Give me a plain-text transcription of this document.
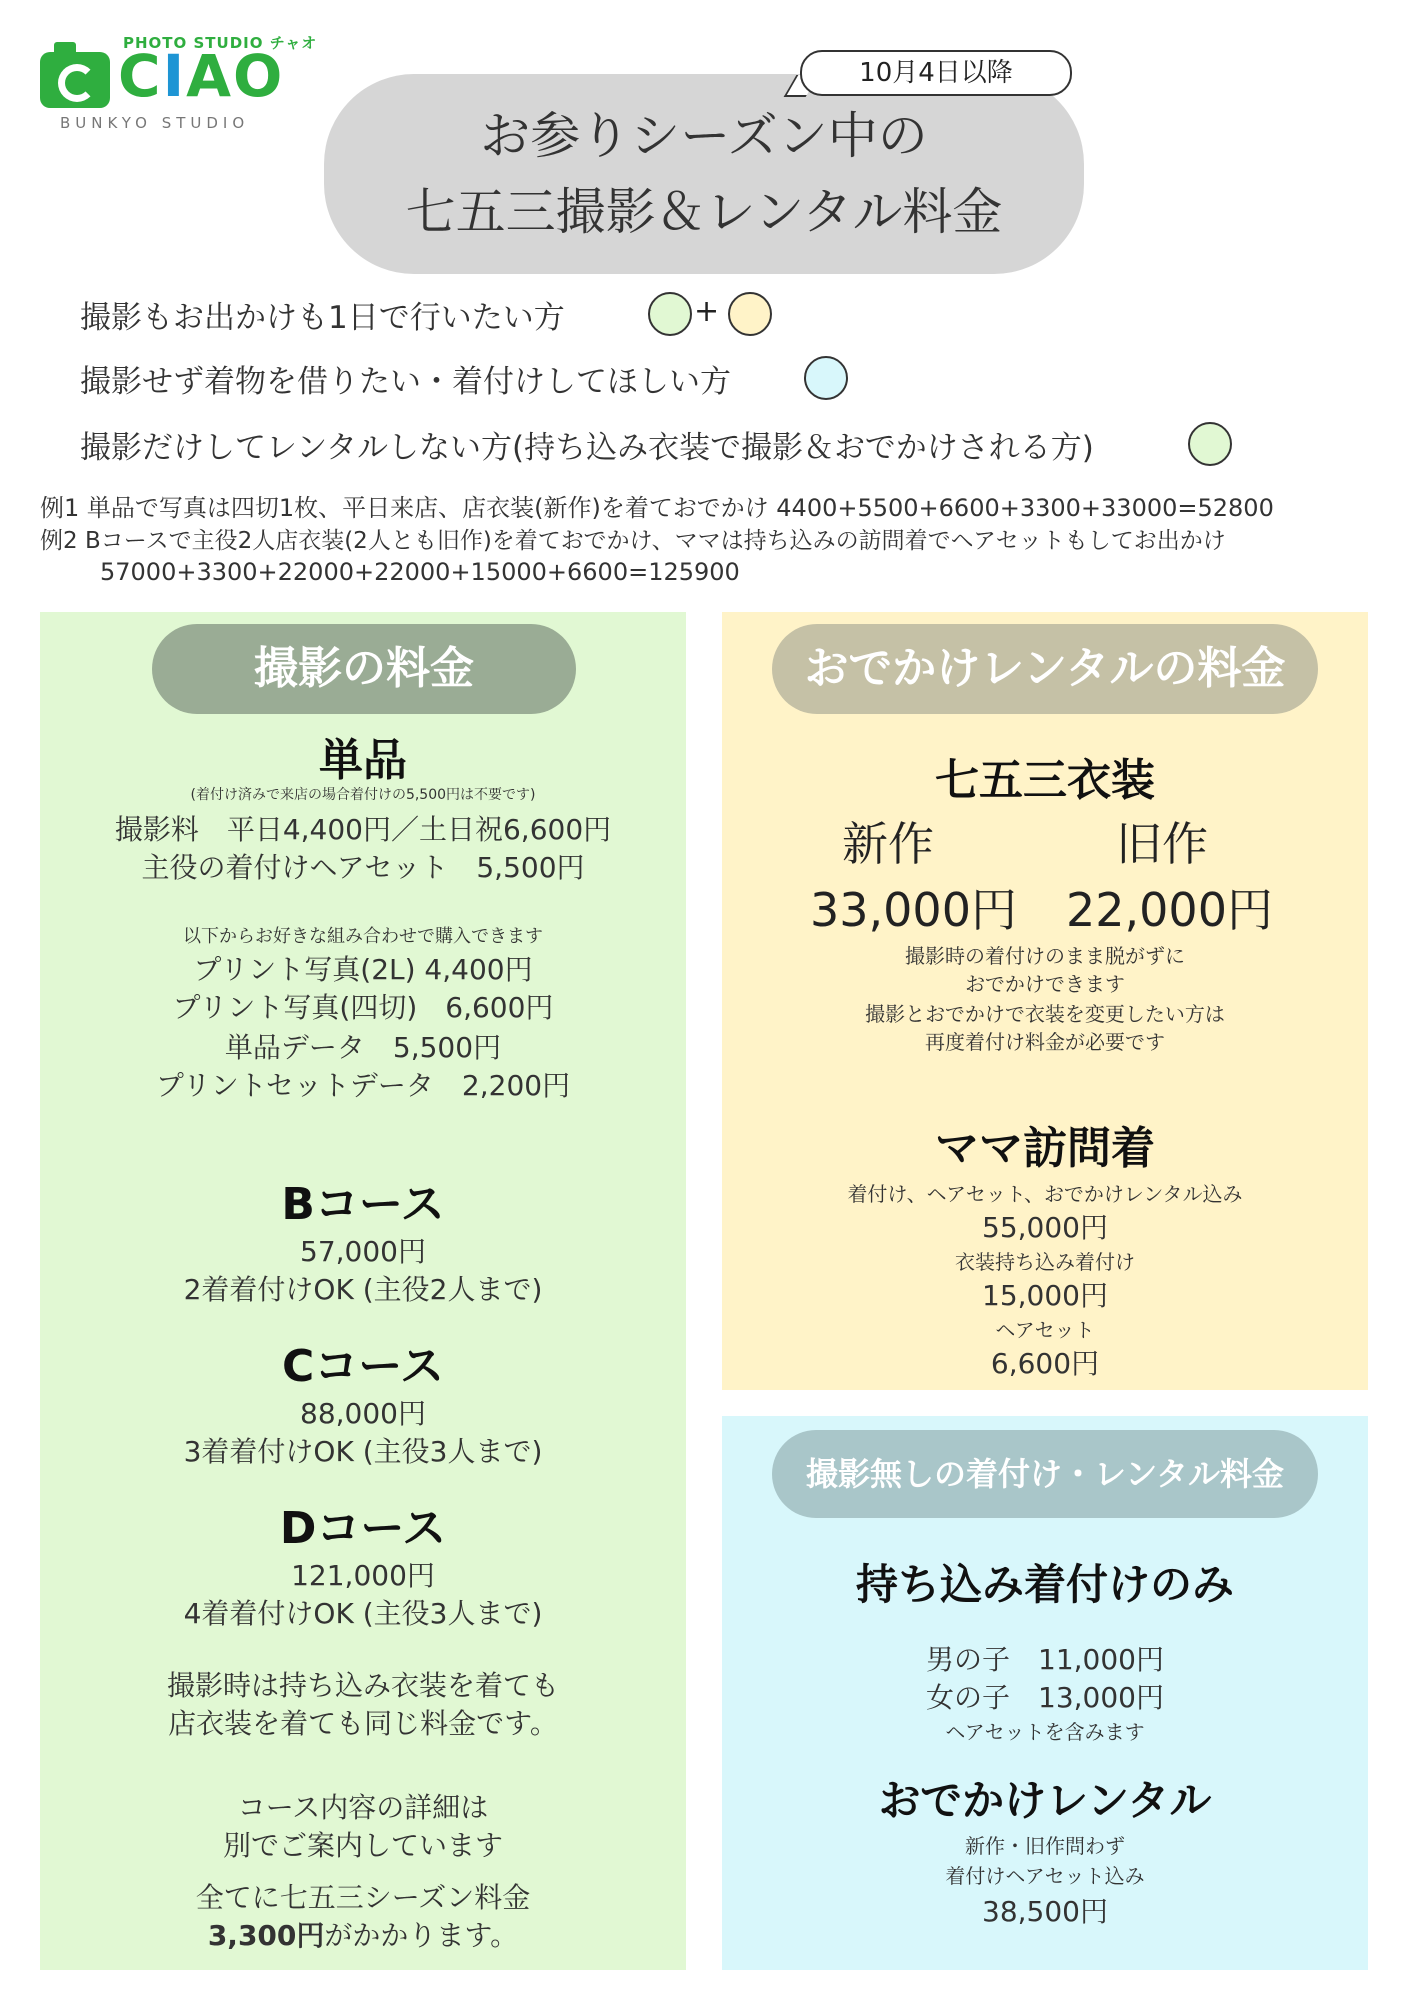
PHOTO STUDIO チャオ
CIAO
BUNKYO STUDIO	お参りシーズン中の
七五三撮影＆レンタル料金
10月4日以降
撮影もお出かけも1日で行いたい方	+
撮影せず着物を借りたい・着付けしてほしい方
撮影だけしてレンタルしない方(持ち込み衣装で撮影＆おでかけされる方)
例1 単品で写真は四切1枚、平日来店、店衣装(新作)を着ておでかけ 4400+5500+6600+3300+33000=52800
例2 Bコースで主役2人店衣装(2人とも旧作)を着ておでかけ、ママは持ち込みの訪問着でヘアセットもしてお出かけ
57000+3300+22000+22000+15000+6600=125900
撮影の料金
単品
(着付け済みで来店の場合着付けの5,500円は不要です)
撮影料　平日4,400円／土日祝6,600円
主役の着付けヘアセット　5,500円
以下からお好きな組み合わせで購入できます
プリント写真(2L) 4,400円
プリント写真(四切)　6,600円
単品データ　5,500円
プリントセットデータ　2,200円
Bコース
57,000円
2着着付けOK (主役2人まで)
Cコース
88,000円
3着着付けOK (主役3人まで)
Dコース
121,000円
4着着付けOK (主役3人まで)
撮影時は持ち込み衣装を着ても
店衣装を着ても同じ料金です。
コース内容の詳細は
別でご案内しています
全てに七五三シーズン料金
3,300円がかかります。
おでかけレンタルの料金
七五三衣装
新作	旧作
33,000円 22,000円
撮影時の着付けのまま脱がずに
おでかけできます
撮影とおでかけで衣装を変更したい方は
再度着付け料金が必要です
ママ訪問着
着付け、ヘアセット、おでかけレンタル込み
55,000円
衣装持ち込み着付け
15,000円
ヘアセット
6,600円
撮影無しの着付け・レンタル料金
持ち込み着付けのみ
男の子　11,000円
女の子　13,000円
ヘアセットを含みます
おでかけレンタル
新作・旧作問わず
着付けヘアセット込み
38,500円
